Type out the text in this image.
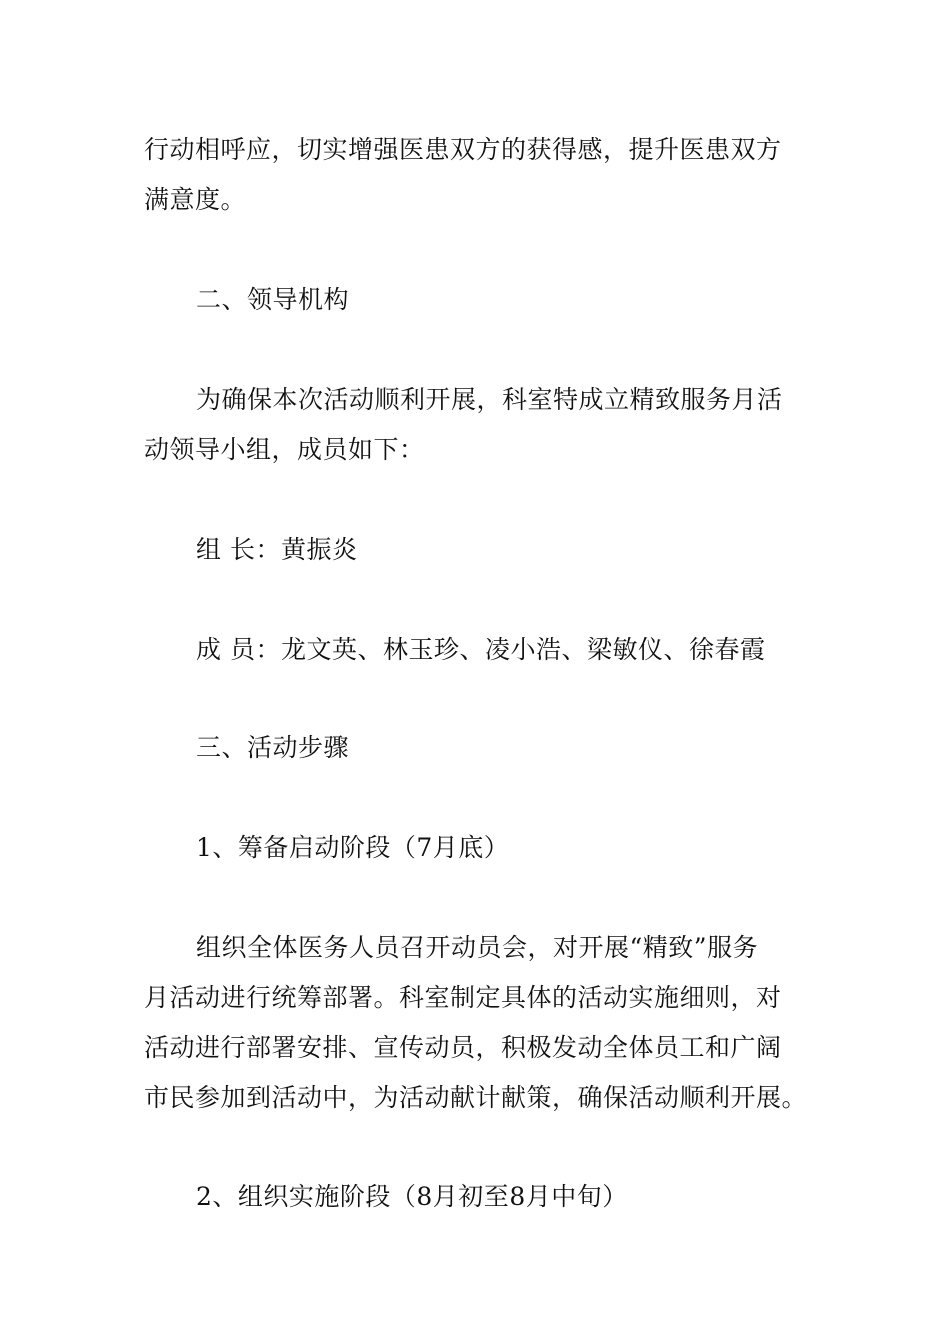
行动相呼应，切实增强医患双方的获得感，提升医患双方
满意度。
二、领导机构
为确保本次活动顺利开展，科室特成立精致服务月活
动领导小组，成员如下：
组 长：黄振炎
成 员：龙文英、林玉珍、凌小浩、梁敏仪、徐春霞
三、活动步骤
1、筹备启动阶段（7月底）
组织全体医务人员召开动员会，对开展“精致”服务
月活动进行统筹部署。科室制定具体的活动实施细则，对
活动进行部署安排、宣传动员，积极发动全体员工和广阔
市民参加到活动中，为活动献计献策，确保活动顺利开展。
2、组织实施阶段（8月初至8月中旬）
